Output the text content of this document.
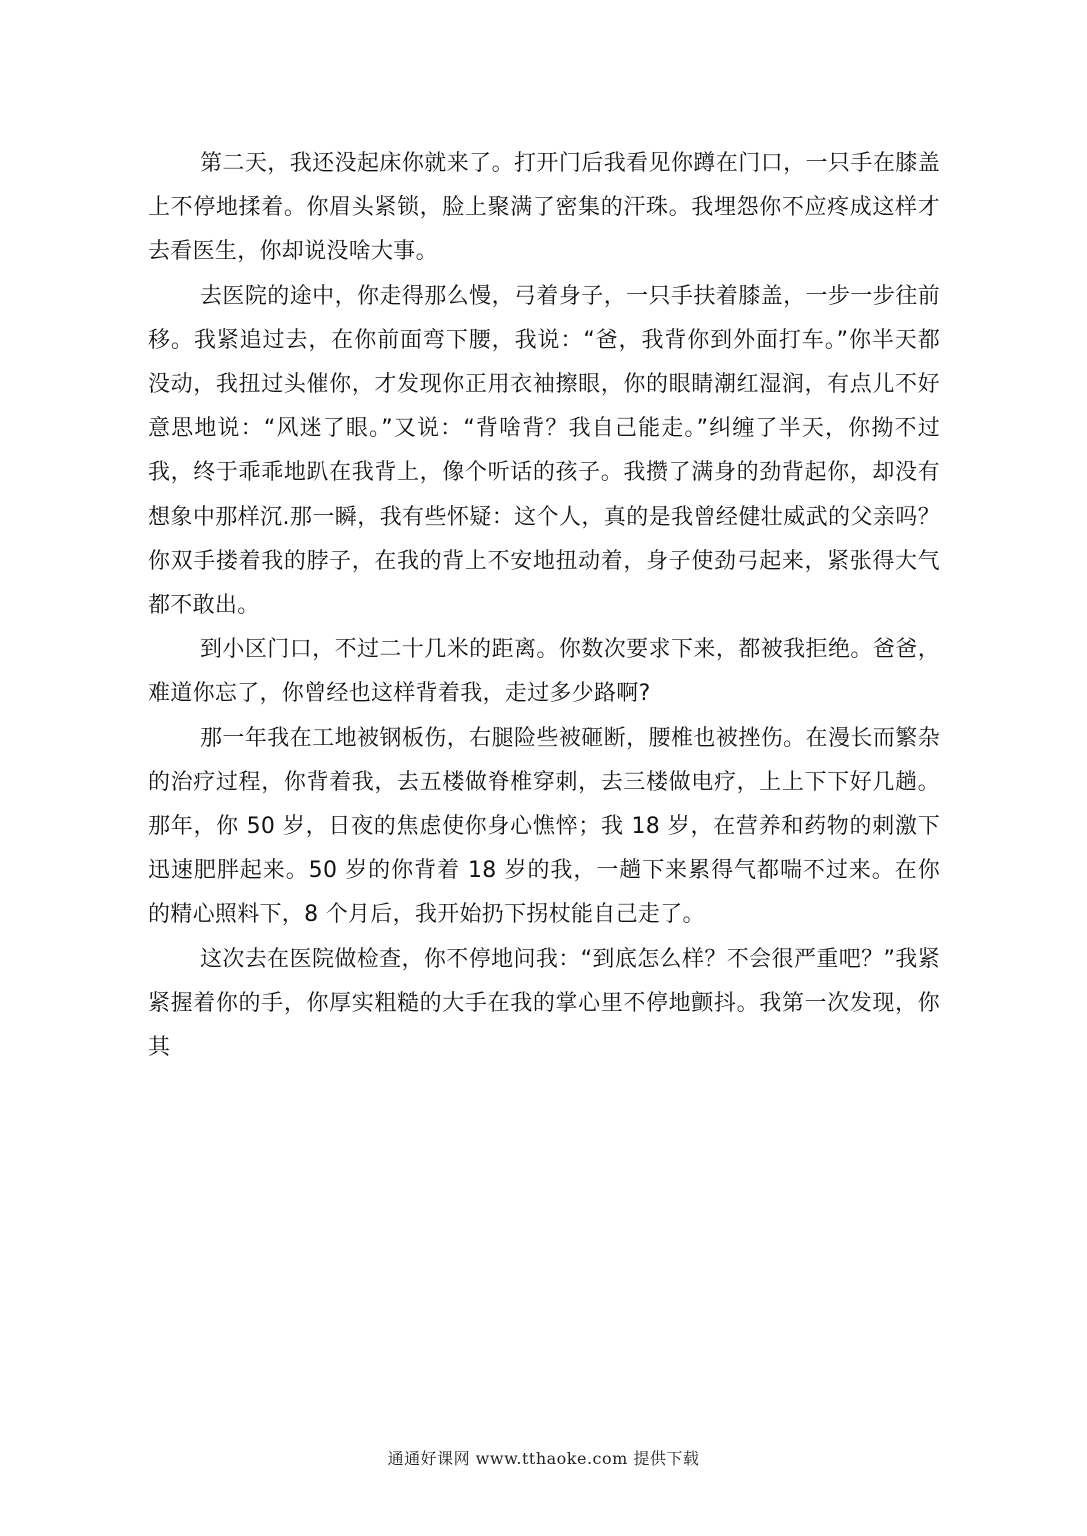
第二天，我还没起床你就来了。打开门后我看见你蹲在门口，一只手在膝盖上不停地揉着。你眉头紧锁，脸上聚满了密集的汗珠。我埋怨你不应疼成这样才去看医生，你却说没啥大事。

去医院的途中，你走得那么慢，弓着身子，一只手扶着膝盖，一步一步往前移。我紧追过去，在你前面弯下腰，我说：“爸，我背你到外面打车。”你半天都没动，我扭过头催你，才发现你正用衣袖擦眼，你的眼睛潮红湿润，有点儿不好意思地说：“风迷了眼。”又说：“背啥背？我自己能走。”纠缠了半天，你拗不过我，终于乖乖地趴在我背上，像个听话的孩子。我攒了满身的劲背起你，却没有想象中那样沉.那一瞬，我有些怀疑：这个人，真的是我曾经健壮威武的父亲吗？你双手搂着我的脖子，在我的背上不安地扭动着，身子使劲弓起来，紧张得大气都不敢出。

到小区门口，不过二十几米的距离。你数次要求下来，都被我拒绝。爸爸，难道你忘了，你曾经也这样背着我，走过多少路啊?

那一年我在工地被钢板伤，右腿险些被砸断，腰椎也被挫伤。在漫长而繁杂的治疗过程，你背着我，去五楼做脊椎穿刺，去三楼做电疗，上上下下好几趟。那年，你 50 岁，日夜的焦虑使你身心憔悴；我 18 岁，在营养和药物的刺激下迅速肥胖起来。50 岁的你背着 18 岁的我，一趟下来累得气都喘不过来。在你的精心照料下，8 个月后，我开始扔下拐杖能自己走了。

这次去在医院做检查，你不停地问我：“到底怎么样？不会很严重吧？”我紧紧握着你的手，你厚实粗糙的大手在我的掌心里不停地颤抖。我第一次发现，你其

通通好课网 www.tthaoke.com 提供下载
